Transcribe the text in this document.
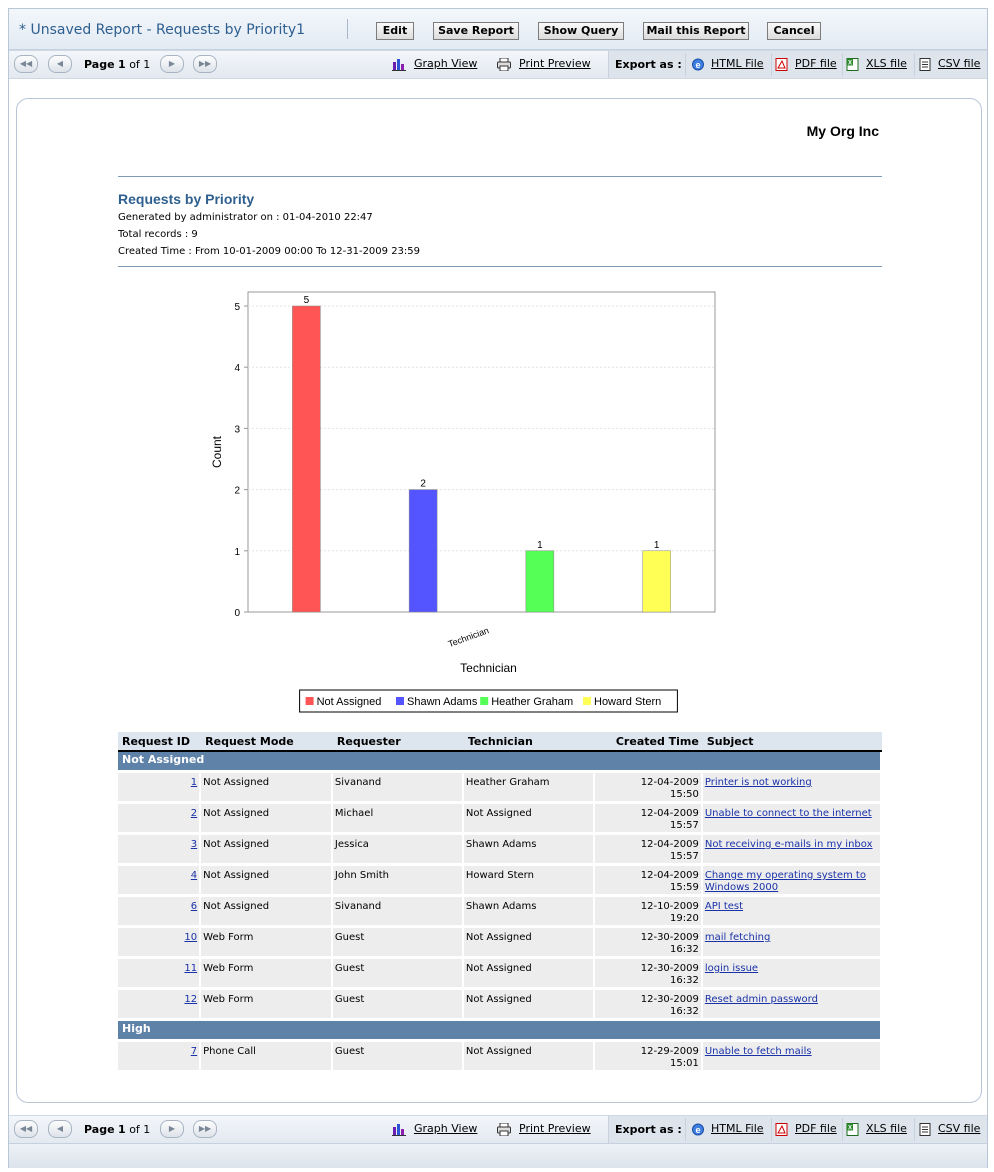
* Unsaved Report - Requests by Priority1	Edit	Save Report	Show Query	Mail this Report	Cancel
◀◀	◀	Page 1 of 1	▶	▶▶	Graph View	Print Preview Export as : e HTML File	PDF file X XLS file	CSV file
My Org Inc
Requests by Priority
Generated by administrator on : 01-04-2010 22:47
Total records : 9
Created Time : From 10-01-2009 00:00 To 12-31-2009 23:59
0
1
2
3
4
5
Count
5
2
1	1
Technician
Technician
Not Assigned Shawn Adams Heather Graham Howard Stern
Request ID	Request Mode	Requester	Technician	Created Time	Subject
Not Assigned					
1	Not Assigned	Sivanand	Heather Graham	12-04-2009
15:50	Printer is not working
2	Not Assigned	Michael	Not Assigned	12-04-2009
15:57	Unable to connect to the internet
3	Not Assigned	Jessica	Shawn Adams	12-04-2009
15:57	Not receiving e-mails in my inbox
4	Not Assigned	John Smith	Howard Stern	12-04-2009
15:59	Change my operating system to Windows 2000
6	Not Assigned	Sivanand	Shawn Adams	12-10-2009
19:20	API test
10	Web Form	Guest	Not Assigned	12-30-2009
16:32	mail fetching
11	Web Form	Guest	Not Assigned	12-30-2009
16:32	login issue
12	Web Form	Guest	Not Assigned	12-30-2009
16:32	Reset admin password
High					
7	Phone Call	Guest	Not Assigned	12-29-2009
15:01	Unable to fetch mails
◀◀	◀	Page 1 of 1	▶	▶▶	Graph View	Print Preview Export as : e HTML File	PDF file X XLS file	CSV file
